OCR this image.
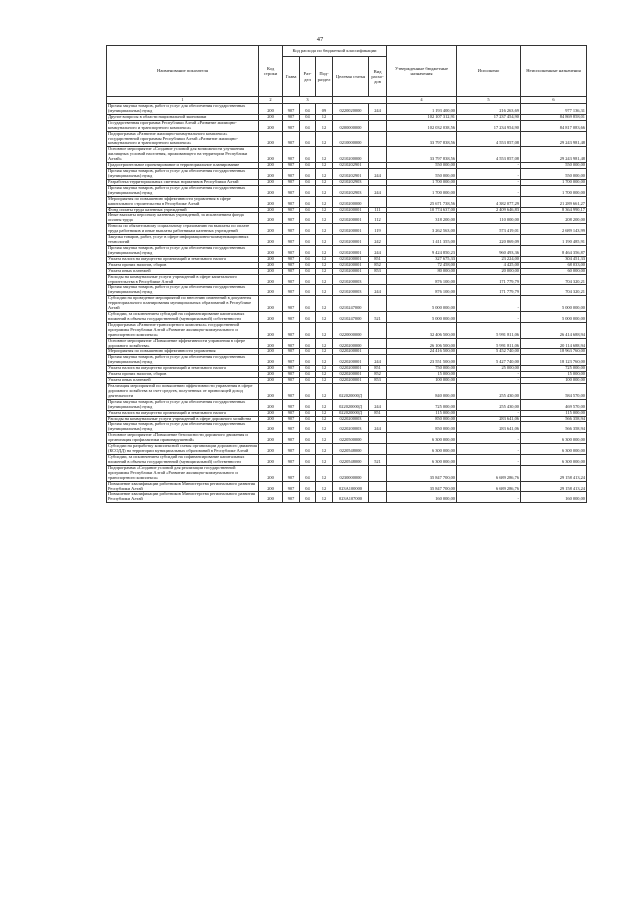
47
Наименование показателя	Код строки	Код расхода по бюджетной классификации					Утвержденные бюджетные назначения	Исполнено	Неисполненные назначения
		Глава	Раз-дел	Под-раздел	Целевая статья	Вид расхо-дов			
1	2	3					4	5	6
Прочая закупка товаров, работ и услуг для обеспечения государственных (муниципальных) нужд	200	907	04	09	0220020000	244	1 193 400,00	216 263,69	977 136,31
Другие вопросы в области национальной экономики	200	907	04	12			102 107 312,91	17 237 454,90	84 869 858,01
Государственная программа Республики Алтай «Развитие жилищно-коммунального и транспортного комплекса»	200	907	04	12	0200000000		102 032 038,56	17 234 954,90	84 817 083,66
Подпрограмма «Развитие жилищно-коммунального комплекса» государственной программы Республики Алтай «Развитие жилищно-коммунального и транспортного комплекса»	200	907	04	12	0210000000		33 797 838,56	4 553 857,08	29 243 981,48
Основное мероприятие «Создание условий для возможности улучшения жилищных условий населения, проживающего на территории Республики Алтай»	200	907	04	12	0210200000		33 797 838,56	4 553 857,08	29 243 981,48
Градостроительное проектирование и территориальное планирование	200	907	04	12	0210202901		550 000,00	-	550 000,00
Прочая закупка товаров, работ и услуг для обеспечения государственных (муниципальных) нужд	200	907	04	12	0210202901	244	550 000,00	-	550 000,00
Разработка территориальных сметных нормативов Республики Алтай	200	907	04	12	0210202903		1 700 000,00	-	1 700 000,00
Прочая закупка товаров, работ и услуг для обеспечения государственных (муниципальных) нужд	200	907	04	12	0210202903	244	1 700 000,00	-	1 700 000,00
Мероприятия по повышению эффективности управления в сфере капитального строительства в Республике Алтай	200	907	04	12	0210200000		25 671 738,56	4 382 077,29	21 289 661,27
Фонд оплаты труда казенных учреждений	200	907	04	12	0210200001	111	10 774 637,00	2 409 646,83	8 364 990,17
Иные выплаты персоналу казенных учреждений, за исключением фонда оплаты труда	200	907	04	12	0210200001	112	318 200,00	110 000,00	208 200,00
Взносы по обязательному социальному страхованию на выплаты по оплате труда работников и иные выплаты работникам казенных учреждений	200	907	04	12	0210200001	119	3 262 563,00	573 419,01	2 689 143,99
Закупка товаров, работ, услуг в сфере информационно-коммуникационных технологий	200	907	04	12	0210200001	242	1 411 355,00	220 869,09	1 190 485,91
Прочая закупка товаров, работ и услуг для обеспечения государственных (муниципальных) нужд	200	907	04	12	0210200001	244	9 424 850,23	960 493,36	8 464 356,87
Уплата налога на имущество организаций и земельного налога	200	907	04	12	0210200001	851	327 675,33	23 224,00	304 451,33
Уплата прочих налогов, сборов	200	907	04	12	0210200001	852	72 458,00	4 425,00	68 033,00
Уплата иных платежей	200	907	04	12	0210200001	853	80 000,00	20 000,00	60 000,00
Расходы на коммунальные услуги учреждений в сфере капитального строительства в Республике Алтай	200	907	04	12	0210200003		876 100,00	171 779,79	704 320,21
Прочая закупка товаров, работ и услуг для обеспечения государственных (муниципальных) нужд	200	907	04	12	0210200003	244	876 100,00	171 779,79	704 320,21
Субсидии на проведение мероприятий по внесению изменений в документы территориального планирования муниципальных образований в Республике Алтай	200	907	04	12	0210247000		5 000 000,00	-	5 000 000,00
Субсидии, за исключением субсидий на софинансирование капитальных вложений в объекты государственной (муниципальной) собственности	200	907	04	12	0210247000	521	5 000 000,00	-	5 000 000,00
Подпрограмма «Развитие транспортного комплекса» государственной программы Республики Алтай «Развитие жилищно-коммунального и транспортного комплекса»	200	907	04	12	0220000000		32 406 500,00	5 991 811,06	26 414 688,94
Основное мероприятие «Повышение эффективности управления в сфере дорожного хозяйства»	200	907	04	12	0220200000		26 106 500,00	5 991 811,06	20 114 688,94
Мероприятия по повышению эффективности управления	200	907	04	12	0220200001		24 416 500,00	5 452 740,00	18 963 760,00
Прочая закупка товаров, работ и услуг для обеспечения государственных (муниципальных) нужд	200	907	04	12	0220200001	244	23 551 500,00	5 427 740,00	18 123 760,00
Уплата налога на имущество организаций и земельного налога	200	907	04	12	0220200001	851	750 000,00	25 000,00	725 000,00
Уплата прочих налогов, сборов	200	907	04	12	0220200001	852	15 000,00	-	15 000,00
Уплата иных платежей	200	907	04	12	0220200001	853	100 000,00	-	100 000,00
Реализация мероприятий по повышению эффективности управления в сфере дорожного хозяйства за счет средств, полученных от приносящей доход деятельности	200	907	04	12	022020000Д		840 000,00	255 430,00	584 570,00
Прочая закупка товаров, работ и услуг для обеспечения государственных (муниципальных) нужд	200	907	04	12	022020000Д	244	725 000,00	255 430,00	469 570,00
Уплата налога на имущество организаций и земельного налога	200	907	04	12	022020000Д	851	115 000,00	-	115 000,00
Расходы на коммунальные услуги учреждений в сфере дорожного хозяйства	200	907	04	12	0220200003		850 000,00	283 641,06	566 358,94
Прочая закупка товаров, работ и услуг для обеспечения государственных (муниципальных) нужд	200	907	04	12	0220200003	244	850 000,00	283 641,06	566 358,94
Основное мероприятие «Повышение безопасности дорожного движения и организация профилактики правонарушений»	200	907	04	12	0220500000		6 300 000,00	-	6 300 000,00
Субсидии на разработку комплексной схемы организации дорожного движения (КСОДД) на территории муниципальных образований в Республике Алтай	200	907	04	12	0220548000		6 300 000,00	-	6 300 000,00
Субсидии, за исключением субсидий на софинансирование капитальных вложений в объекты государственной (муниципальной) собственности	200	907	04	12	0220548000	521	6 300 000,00	-	6 300 000,00
Подпрограмма «Создание условий для реализации государственной программы Республики Алтай «Развитие жилищно-коммунального и транспортного комплекса»	200	907	04	12	0230000000		35 847 700,00	6 689 286,76	29 158 413,24
Повышение квалификации работников Министерства регионального развития Республики Алтай	200	907	04	12	023А100000		35 847 700,00	6 689 286,76	29 158 413,24
Повышение квалификации работников Министерства регионального развития Республики Алтай	200	907	04	12	023А107000		160 000,00	-	160 000,00
